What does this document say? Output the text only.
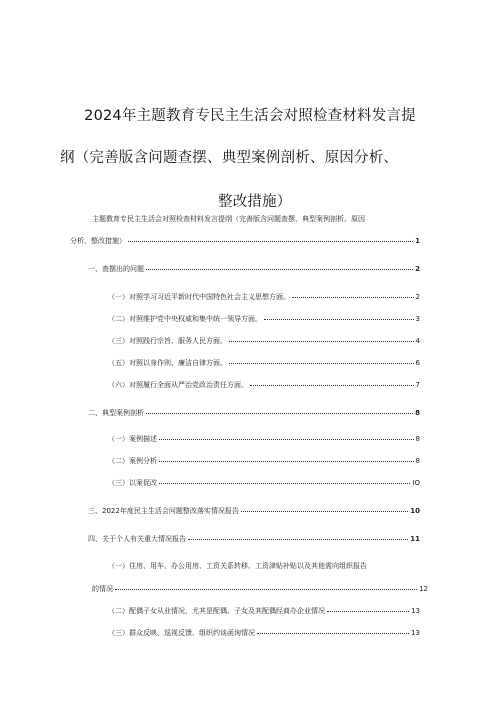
2024年主题教育专民主生活会对照检查材料发言提
纲（完善版含问题查摆、典型案例剖析、原因分析、
整改措施）
主题教育专民主生活会对照检查材料发言提纲（完善版含问题查摆、典型案例剖析、原因
分析、整改措施）	1
一、查摆出的问题	2
（一）对照学习习近平新时代中国特色社会主义思想方面。	2
（二）对照维护党中央权威和集中统一领导方面。	3
（三）对照践行宗旨、服务人民方面。	4
（五）对照以身作则、廉洁自律方面。	6
（六）对照履行全面从严治党政治责任方面。	7
二、典型案例剖析	8
（一）案例描述	8
（二）案例分析	8
（三）以案促改	IO
三、2022年度民主生活会问题整改落实情况报告	10
四、关于个人有关重大情况报告	11
（一）住房、用车、办公用房、工资关系转移、工资津贴补贴以及其他需向组织报告
的情况	12
（二）配偶子女从业情况，尤其是配偶、子女及其配偶经商办企业情况	13
（三）群众反映、巡视反馈、组织约谈函询情况	13
